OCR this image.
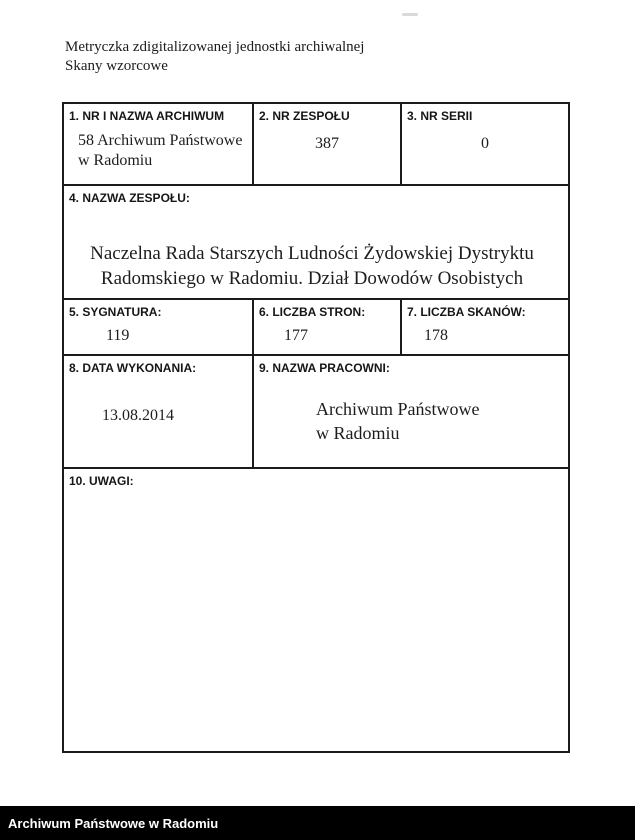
Metryczka zdigitalizowanej jednostki archiwalnej
Skany wzorcowe
1. NR I NAZWA ARCHIWUM
58 Archiwum Państwowe
w Radomiu
2. NR ZESPOŁU
387
3. NR SERII
0
4. NAZWA ZESPOŁU:
Naczelna Rada Starszych Ludności Żydowskiej Dystryktu
Radomskiego w Radomiu. Dział Dowodów Osobistych
5. SYGNATURA:
119
6. LICZBA STRON:
177
7. LICZBA SKANÓW:
178
8. DATA WYKONANIA:
13.08.2014
9. NAZWA PRACOWNI:
Archiwum Państwowe
w Radomiu
10. UWAGI:
Archiwum Państwowe w Radomiu
